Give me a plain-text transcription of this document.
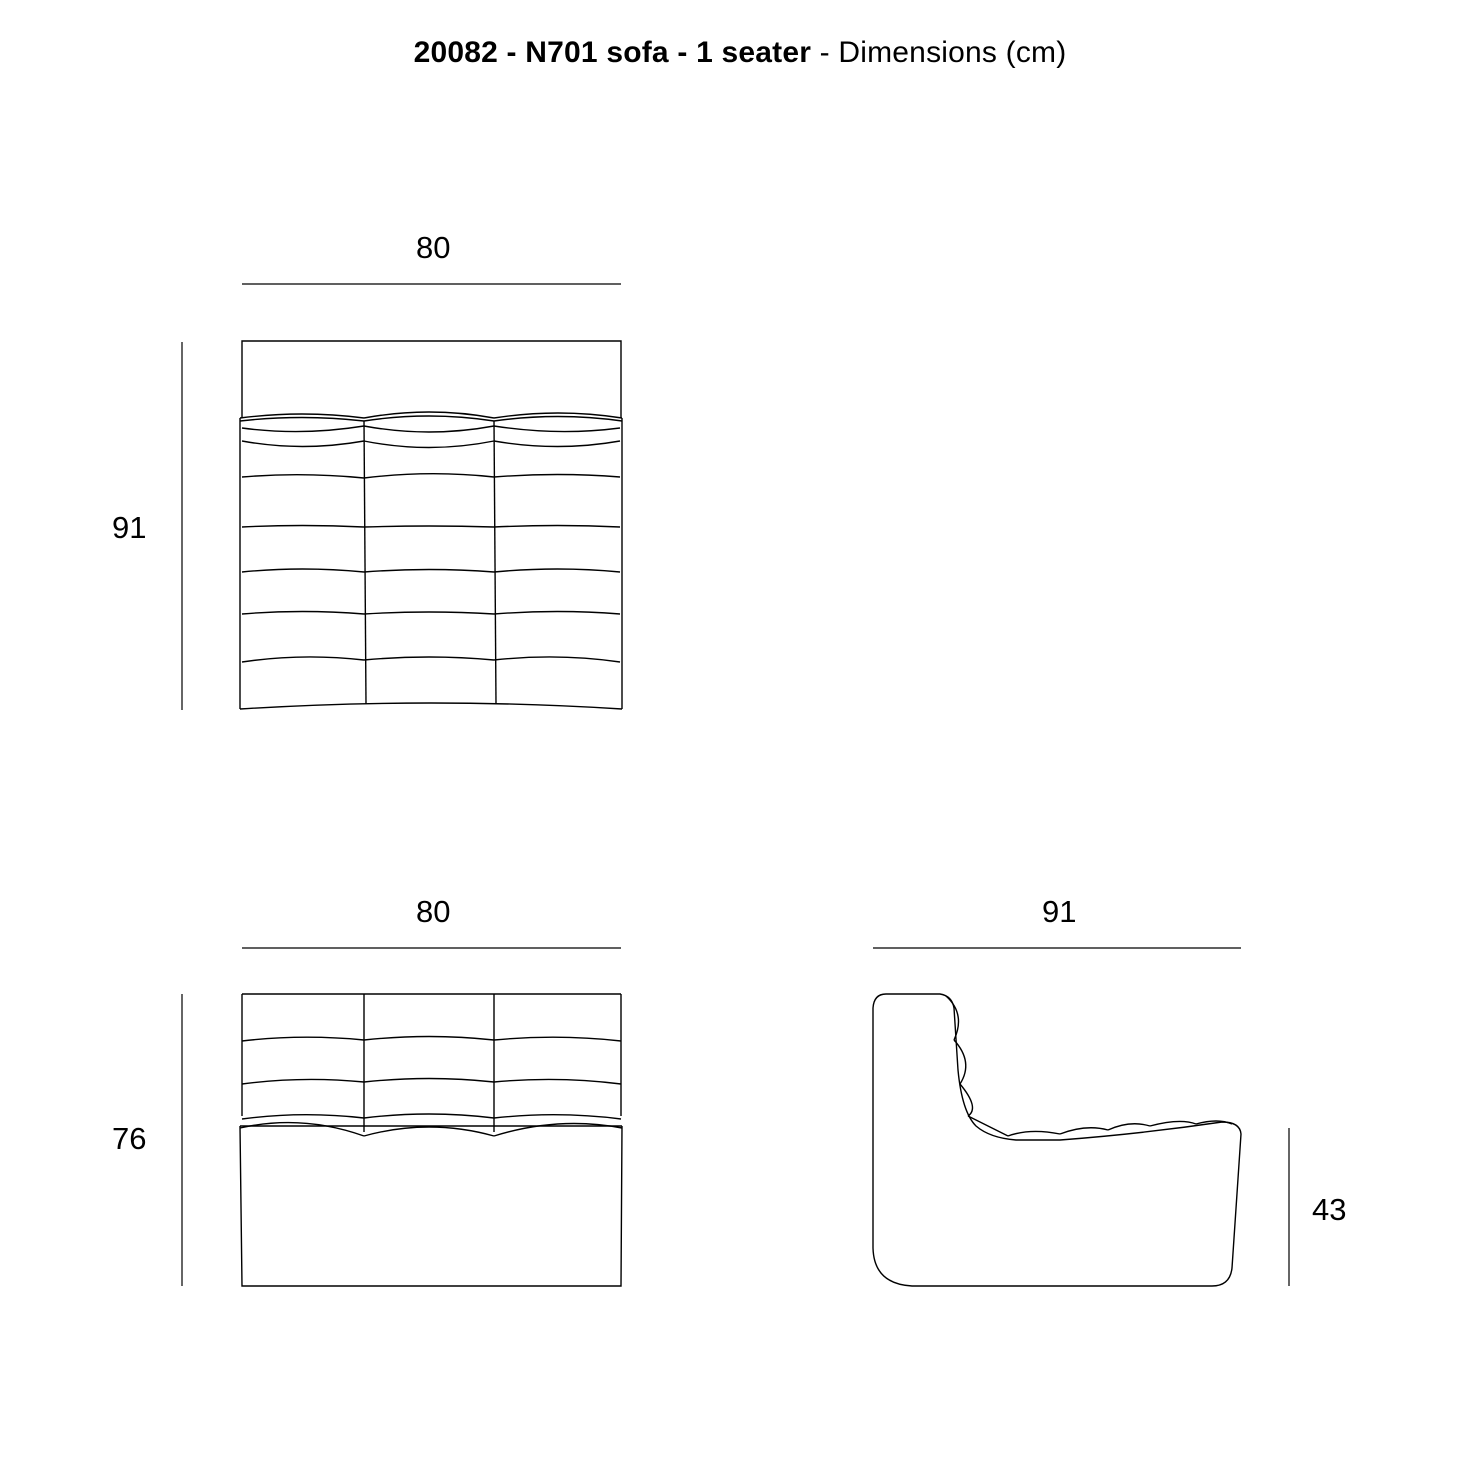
20082 - N701 sofa - 1 seater - Dimensions (cm)
80
91
80
76
91
43
